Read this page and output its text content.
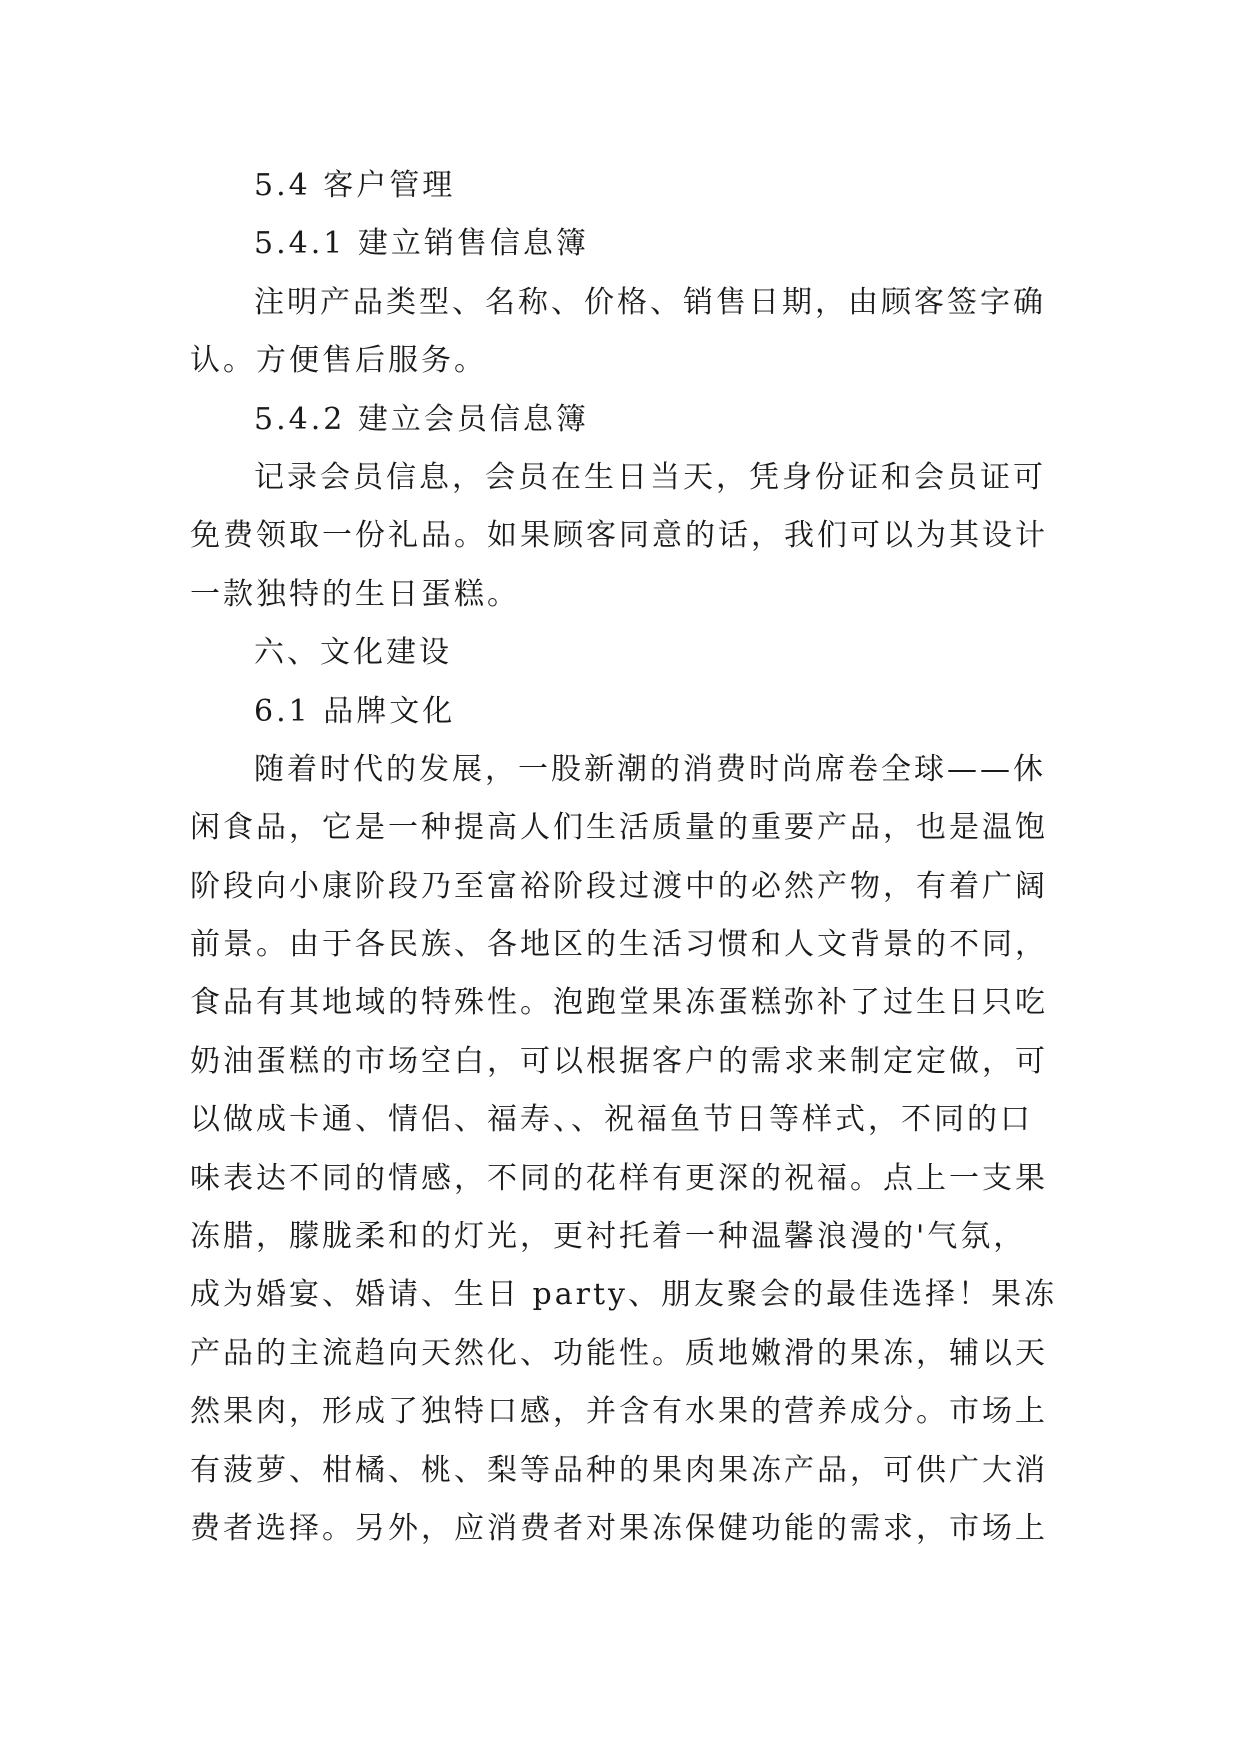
5.4 客户管理
5.4.1 建立销售信息簿
注明产品类型、名称、价格、销售日期，由顾客签字确
认。方便售后服务。
5.4.2 建立会员信息簿
记录会员信息，会员在生日当天，凭身份证和会员证可
免费领取一份礼品。如果顾客同意的话，我们可以为其设计
一款独特的生日蛋糕。
六、文化建设
6.1 品牌文化
随着时代的发展，一股新潮的消费时尚席卷全球——休
闲食品，它是一种提高人们生活质量的重要产品，也是温饱
阶段向小康阶段乃至富裕阶段过渡中的必然产物，有着广阔
前景。由于各民族、各地区的生活习惯和人文背景的不同，
食品有其地域的特殊性。泡跑堂果冻蛋糕弥补了过生日只吃
奶油蛋糕的市场空白，可以根据客户的需求来制定定做，可
以做成卡通、情侣、福寿、、祝福鱼节日等样式，不同的口
味表达不同的情感，不同的花样有更深的祝福。点上一支果
冻腊，朦胧柔和的灯光，更衬托着一种温馨浪漫的'气氛，
成为婚宴、婚请、生日 party、朋友聚会的最佳选择！果冻
产品的主流趋向天然化、功能性。质地嫩滑的果冻，辅以天
然果肉，形成了独特口感，并含有水果的营养成分。市场上
有菠萝、柑橘、桃、梨等品种的果肉果冻产品，可供广大消
费者选择。另外，应消费者对果冻保健功能的需求，市场上
